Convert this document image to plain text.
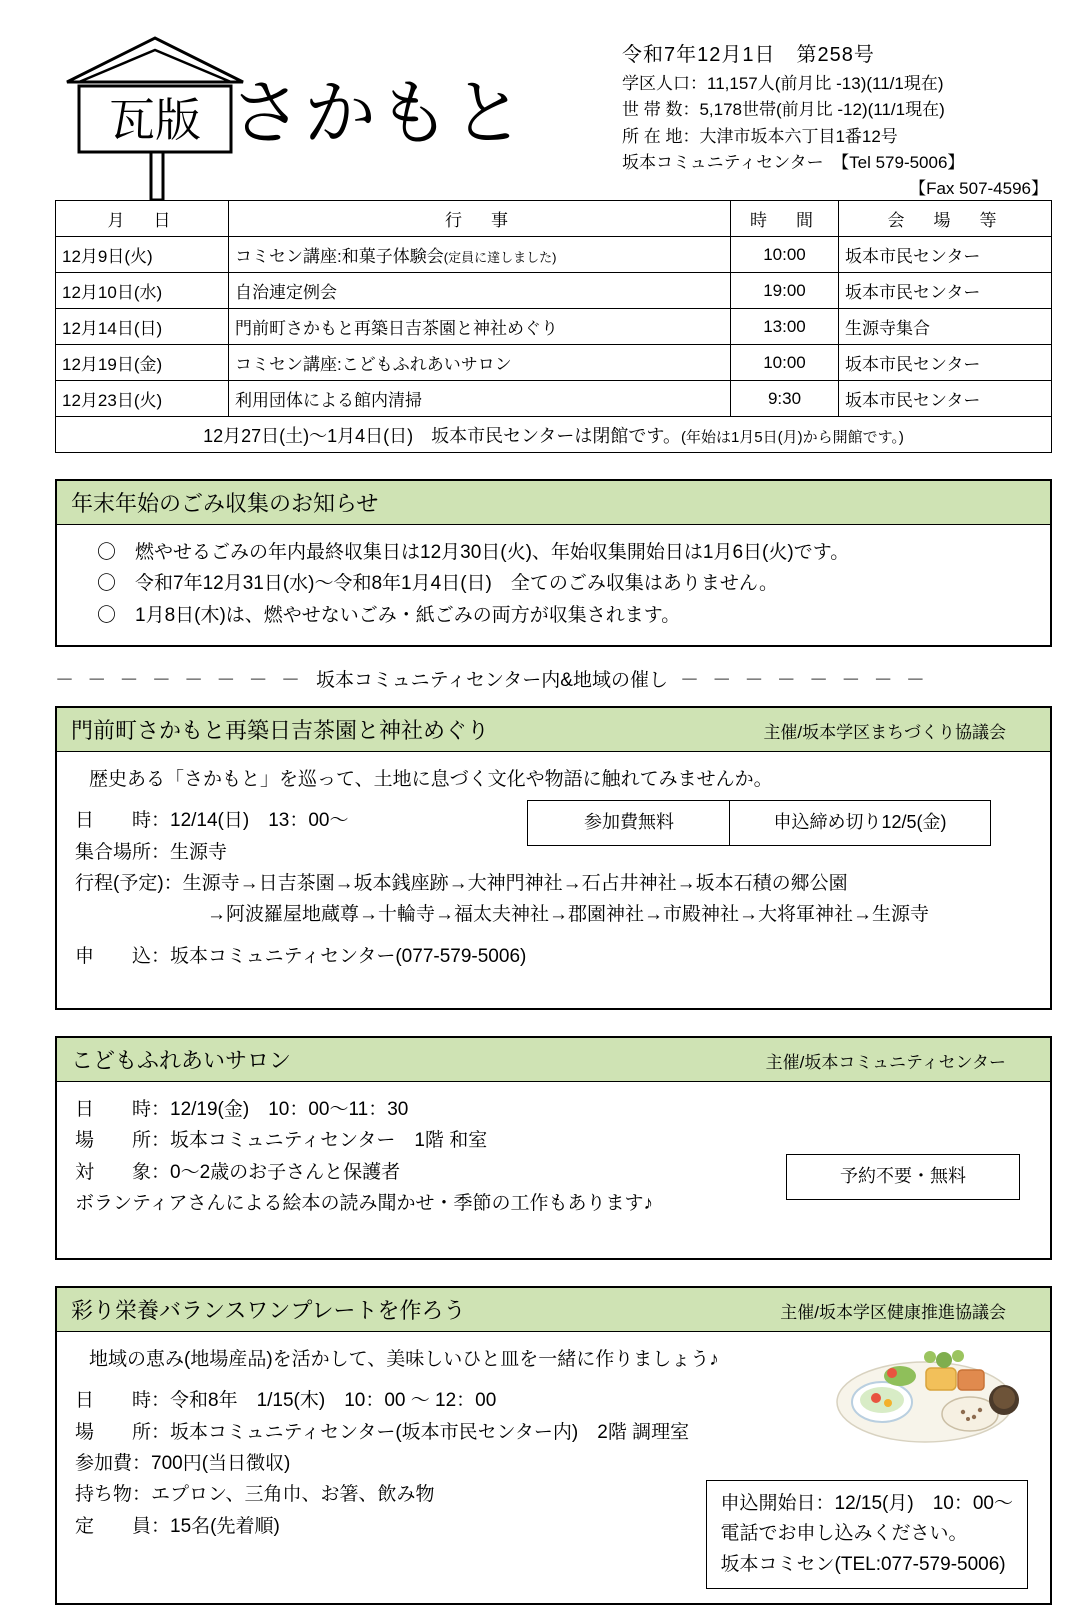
瓦版 さかもと
令和7年12月1日　第258号
学区人口：11,157人(前月比 -13)(11/1現在)
世 帯 数：5,178世帯(前月比 -12)(11/1現在)
所 在 地：大津市坂本六丁目1番12号
坂本コミュニティセンター　【Tel 579-5006】
【Fax 507-4596】
月　日	行　事	時　間	会　場　等
12月9日(火)	コミセン講座:和菓子体験会(定員に達しました)	10:00	坂本市民センター
12月10日(水)	自治連定例会	19:00	坂本市民センター
12月14日(日)	門前町さかもと再築日吉茶園と神社めぐり	13:00	生源寺集合
12月19日(金)	コミセン講座:こどもふれあいサロン	10:00	坂本市民センター
12月23日(火)	利用団体による館内清掃	9:30	坂本市民センター
12月27日(土)〜1月4日(日)　坂本市民センターは閉館です。(年始は1月5日(月)から開館です。)			
年末年始のごみ収集のお知らせ
〇　燃やせるごみの年内最終収集日は12月30日(火)、年始収集開始日は1月6日(火)です。
〇　令和7年12月31日(水)〜令和8年1月4日(日)　全てのごみ収集はありません。
〇　1月8日(木)は、燃やせないごみ・紙ごみの両方が収集されます。
－ － － － － － － － 坂本コミュニティセンター内&地域の催し － － － － － － － －
門前町さかもと再築日吉茶園と神社めぐり	主催/坂本学区まちづくり協議会
歴史ある「さかもと」を巡って、土地に息づく文化や物語に触れてみませんか。
日　　時： 12/14(日)　13：00〜
集合場所： 生源寺
行程(予定)： 生源寺→日吉茶園→坂本銭座跡→大神門神社→石占井神社→坂本石積の郷公園
→阿波羅屋地蔵尊→十輪寺→福太夫神社→郡園神社→市殿神社→大将軍神社→生源寺
申　　込： 坂本コミュニティセンター(077-579-5006)
参加費無料	申込締め切り12/5(金)
こどもふれあいサロン	主催/坂本コミュニティセンター
日　　時： 12/19(金)　10：00〜11：30
場　　所： 坂本コミュニティセンター　1階 和室
対　　象： 0〜2歳のお子さんと保護者
ボランティアさんによる絵本の読み聞かせ・季節の工作もあります♪
予約不要・無料
彩り栄養バランスワンプレートを作ろう	主催/坂本学区健康推進協議会
地域の恵み(地場産品)を活かして、美味しいひと皿を一緒に作りましょう♪
日　　時： 令和8年　1/15(木)　10：00 〜 12：00
場　　所： 坂本コミュニティセンター(坂本市民センター内)　2階 調理室
参加費： 700円(当日徴収)
持ち物： エプロン、三角巾、お箸、飲み物
定　　員： 15名(先着順)
申込開始日：12/15(月)　10：00〜
電話でお申し込みください。
坂本コミセン(TEL:077-579-5006)
